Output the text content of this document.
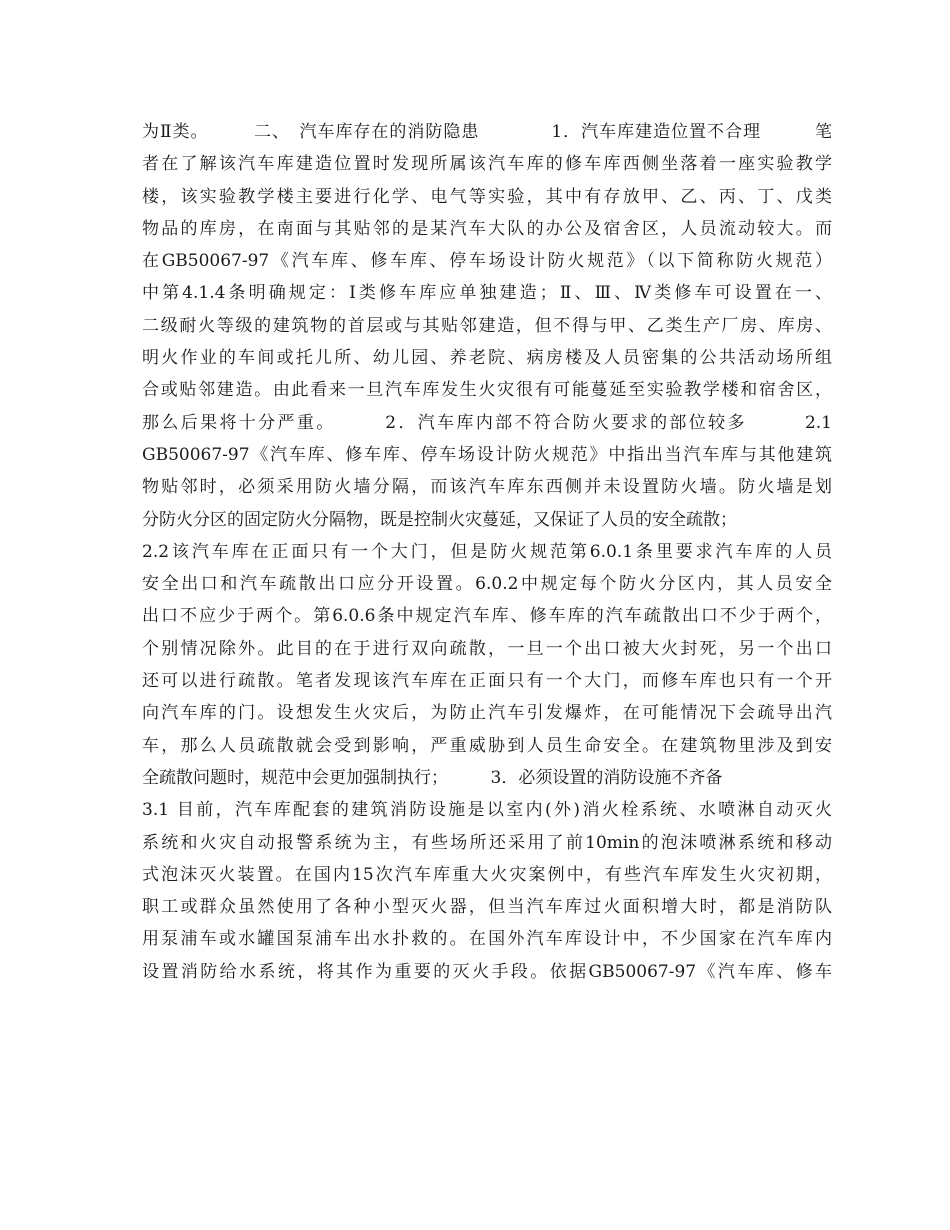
为Ⅱ类。　　　二、　汽车库存在的消防隐患　　　　1．汽车库建造位置不合理　　　笔
者在了解该汽车库建造位置时发现所属该汽车库的修车库西侧坐落着一座实验教学
楼，该实验教学楼主要进行化学、电气等实验，其中有存放甲、乙、丙、丁、戊类
物品的库房，在南面与其贴邻的是某汽车大队的办公及宿舍区，人员流动较大。而
在GB50067-97《汽车库、修车库、停车场设计防火规范》（以下简称防火规范）
中第4.1.4条明确规定：Ⅰ类修车库应单独建造；Ⅱ、Ⅲ、Ⅳ类修车可设置在一、
二级耐火等级的建筑物的首层或与其贴邻建造，但不得与甲、乙类生产厂房、库房、
明火作业的车间或托儿所、幼儿园、养老院、病房楼及人员密集的公共活动场所组
合或贴邻建造。由此看来一旦汽车库发生火灾很有可能蔓延至实验教学楼和宿舍区，
那么后果将十分严重。　　　2．汽车库内部不符合防火要求的部位较多　　　2.1
GB50067-97《汽车库、修车库、停车场设计防火规范》中指出当汽车库与其他建筑
物贴邻时，必须采用防火墙分隔，而该汽车库东西侧并未设置防火墙。防火墙是划
分防火分区的固定防火分隔物，既是控制火灾蔓延，又保证了人员的安全疏散；
2.2该汽车库在正面只有一个大门，但是防火规范第6.0.1条里要求汽车库的人员
安全出口和汽车疏散出口应分开设置。6.0.2中规定每个防火分区内，其人员安全
出口不应少于两个。第6.0.6条中规定汽车库、修车库的汽车疏散出口不少于两个，
个别情况除外。此目的在于进行双向疏散，一旦一个出口被大火封死，另一个出口
还可以进行疏散。笔者发现该汽车库在正面只有一个大门，而修车库也只有一个开
向汽车库的门。设想发生火灾后，为防止汽车引发爆炸，在可能情况下会疏导出汽
车，那么人员疏散就会受到影响，严重威胁到人员生命安全。在建筑物里涉及到安
全疏散问题时，规范中会更加强制执行；　　　3．必须设置的消防设施不齐备
3.1 目前，汽车库配套的建筑消防设施是以室内(外)消火栓系统、水喷淋自动灭火
系统和火灾自动报警系统为主，有些场所还采用了前10min的泡沫喷淋系统和移动
式泡沫灭火装置。在国内15次汽车库重大火灾案例中，有些汽车库发生火灾初期，
职工或群众虽然使用了各种小型灭火器，但当汽车库过火面积增大时，都是消防队
用泵浦车或水罐国泵浦车出水扑救的。在国外汽车库设计中，不少国家在汽车库内
设置消防给水系统，将其作为重要的灭火手段。依据GB50067-97《汽车库、修车
